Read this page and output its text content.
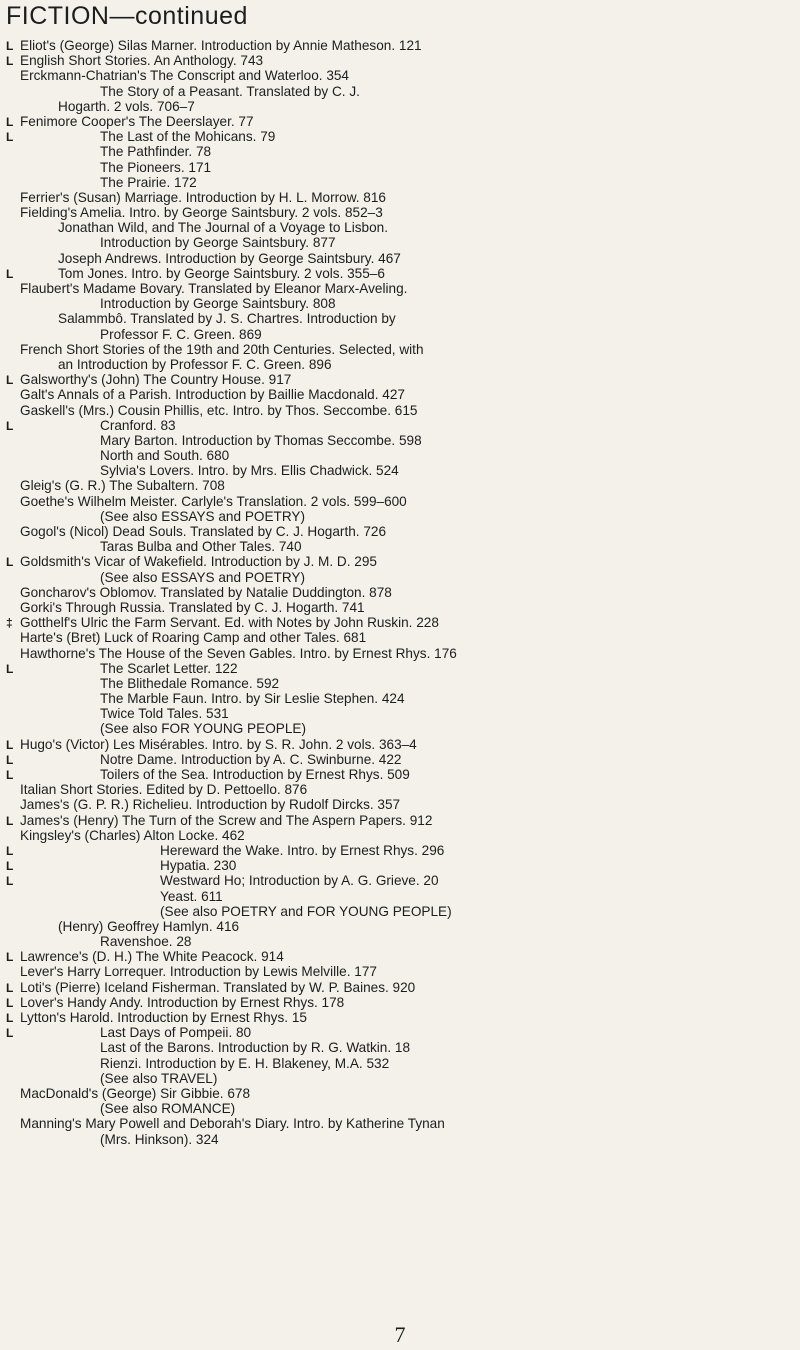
FICTION—continued
L Eliot's (George) Silas Marner. Introduction by Annie Matheson. 121
L English Short Stories. An Anthology. 743
Erckmann-Chatrian's The Conscript and Waterloo. 354
The Story of a Peasant. Translated by C. J.
Hogarth. 2 vols. 706–7
L Fenimore Cooper's The Deerslayer. 77
L	The Last of the Mohicans. 79
The Pathfinder. 78
The Pioneers. 171
The Prairie. 172
Ferrier's (Susan) Marriage. Introduction by H. L. Morrow. 816
Fielding's Amelia. Intro. by George Saintsbury. 2 vols. 852–3
Jonathan Wild, and The Journal of a Voyage to Lisbon.
Introduction by George Saintsbury. 877
Joseph Andrews. Introduction by George Saintsbury. 467
L	Tom Jones. Intro. by George Saintsbury. 2 vols. 355–6
Flaubert's Madame Bovary. Translated by Eleanor Marx-Aveling.
Introduction by George Saintsbury. 808
Salammbô. Translated by J. S. Chartres. Introduction by
Professor F. C. Green. 869
French Short Stories of the 19th and 20th Centuries. Selected, with
an Introduction by Professor F. C. Green. 896
L Galsworthy's (John) The Country House. 917
Galt's Annals of a Parish. Introduction by Baillie Macdonald. 427
Gaskell's (Mrs.) Cousin Phillis, etc. Intro. by Thos. Seccombe. 615
L	Cranford. 83
Mary Barton. Introduction by Thomas Seccombe. 598
North and South. 680
Sylvia's Lovers. Intro. by Mrs. Ellis Chadwick. 524
Gleig's (G. R.) The Subaltern. 708
Goethe's Wilhelm Meister. Carlyle's Translation. 2 vols. 599–600
(See also ESSAYS and POETRY)
Gogol's (Nicol) Dead Souls. Translated by C. J. Hogarth. 726
Taras Bulba and Other Tales. 740
L Goldsmith's Vicar of Wakefield. Introduction by J. M. D. 295
(See also ESSAYS and POETRY)
Goncharov's Oblomov. Translated by Natalie Duddington. 878
Gorki's Through Russia. Translated by C. J. Hogarth. 741
‡ Gotthelf's Ulric the Farm Servant. Ed. with Notes by John Ruskin. 228
Harte's (Bret) Luck of Roaring Camp and other Tales. 681
Hawthorne's The House of the Seven Gables. Intro. by Ernest Rhys. 176
L	The Scarlet Letter. 122
The Blithedale Romance. 592
The Marble Faun. Intro. by Sir Leslie Stephen. 424
Twice Told Tales. 531
(See also FOR YOUNG PEOPLE)
L Hugo's (Victor) Les Misérables. Intro. by S. R. John. 2 vols. 363–4
L	Notre Dame. Introduction by A. C. Swinburne. 422
L	Toilers of the Sea. Introduction by Ernest Rhys. 509
Italian Short Stories. Edited by D. Pettoello. 876
James's (G. P. R.) Richelieu. Introduction by Rudolf Dircks. 357
L James's (Henry) The Turn of the Screw and The Aspern Papers. 912
Kingsley's (Charles) Alton Locke. 462
L	Hereward the Wake. Intro. by Ernest Rhys. 296
L	Hypatia. 230
L	Westward Ho; Introduction by A. G. Grieve. 20
Yeast. 611
(See also POETRY and FOR YOUNG PEOPLE)
(Henry) Geoffrey Hamlyn. 416
Ravenshoe. 28
L Lawrence's (D. H.) The White Peacock. 914
Lever's Harry Lorrequer. Introduction by Lewis Melville. 177
L Loti's (Pierre) Iceland Fisherman. Translated by W. P. Baines. 920
L Lover's Handy Andy. Introduction by Ernest Rhys. 178
L Lytton's Harold. Introduction by Ernest Rhys. 15
L	Last Days of Pompeii. 80
Last of the Barons. Introduction by R. G. Watkin. 18
Rienzi. Introduction by E. H. Blakeney, M.A. 532
(See also TRAVEL)
MacDonald's (George) Sir Gibbie. 678
(See also ROMANCE)
Manning's Mary Powell and Deborah's Diary. Intro. by Katherine Tynan
(Mrs. Hinkson). 324
7
